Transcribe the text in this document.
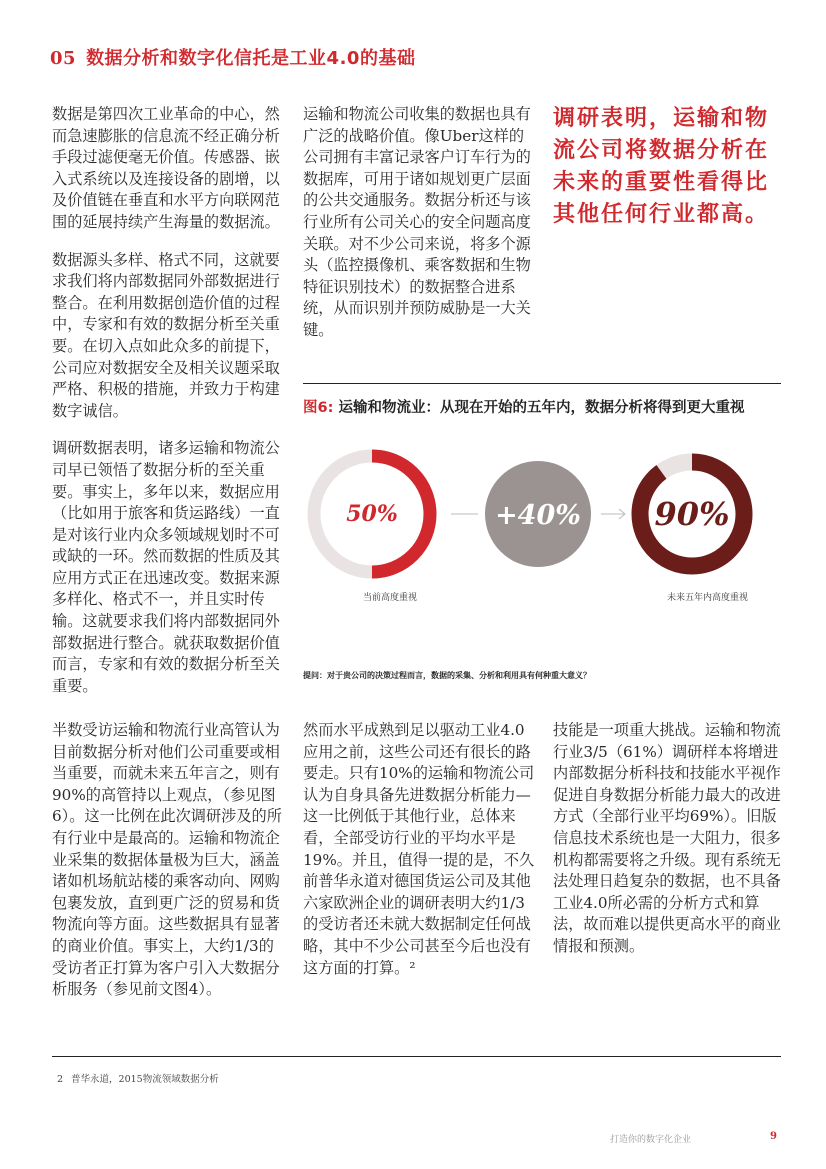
05 数据分析和数字化信托是工业4.0的基础

数据是第四次工业革命的中心，然而急速膨胀的信息流不经正确分析手段过滤便毫无价值。传感器、嵌入式系统以及连接设备的剧增，以及价值链在垂直和水平方向联网范围的延展持续产生海量的数据流。

数据源头多样、格式不同，这就要求我们将内部数据同外部数据进行整合。在利用数据创造价值的过程中，专家和有效的数据分析至关重要。在切入点如此众多的前提下，公司应对数据安全及相关议题采取严格、积极的措施，并致力于构建数字诚信。

调研数据表明，诸多运输和物流公司早已领悟了数据分析的至关重要。事实上，多年以来，数据应用（比如用于旅客和货运路线）一直是对该行业内众多领域规划时不可或缺的一环。然而数据的性质及其应用方式正在迅速改变。数据来源多样化、格式不一，并且实时传输。这就要求我们将内部数据同外部数据进行整合。就获取数据价值而言，专家和有效的数据分析至关重要。

运输和物流公司收集的数据也具有广泛的战略价值。像Uber这样的公司拥有丰富记录客户订车行为的数据库，可用于诸如规划更广层面的公共交通服务。数据分析还与该行业所有公司关心的安全问题高度关联。对不少公司来说，将多个源头（监控摄像机、乘客数据和生物特征识别技术）的数据整合进系统，从而识别并预防威胁是一大关键。

调研表明，运输和物流公司将数据分析在未来的重要性看得比其他任何行业都高。
图6: 运输和物流业：从现在开始的五年内，数据分析将得到更大重视
50%	+40% 90%
当前高度重视	未来五年内高度重视
提问：对于贵公司的决策过程而言，数据的采集、分析和利用具有何种重大意义？

半数受访运输和物流行业高管认为目前数据分析对他们公司重要或相当重要，而就未来五年言之，则有90%的高管持以上观点，（参见图6）。这一比例在此次调研涉及的所有行业中是最高的。运输和物流企业采集的数据体量极为巨大，涵盖诸如机场航站楼的乘客动向、网购包裹发放，直到更广泛的贸易和货物流向等方面。这些数据具有显著的商业价值。事实上，大约1/3的受访者正打算为客户引入大数据分析服务（参见前文图4）。

然而水平成熟到足以驱动工业4.0应用之前，这些公司还有很长的路要走。只有10%的运输和物流公司认为自身具备先进数据分析能力—这一比例低于其他行业，总体来看，全部受访行业的平均水平是19%。并且，值得一提的是，不久前普华永道对德国货运公司及其他六家欧洲企业的调研表明大约1/3的受访者还未就大数据制定任何战略，其中不少公司甚至今后也没有这方面的打算。²

技能是一项重大挑战。运输和物流行业3/5（61%）调研样本将增进内部数据分析科技和技能水平视作促进自身数据分析能力最大的改进方式（全部行业平均69%）。旧版信息技术系统也是一大阻力，很多机构都需要将之升级。现有系统无法处理日趋复杂的数据，也不具备工业4.0所必需的分析方式和算法，故而难以提供更高水平的商业情报和预测。

2 普华永道，2015物流领域数据分析
打造你的数字化企业	9
